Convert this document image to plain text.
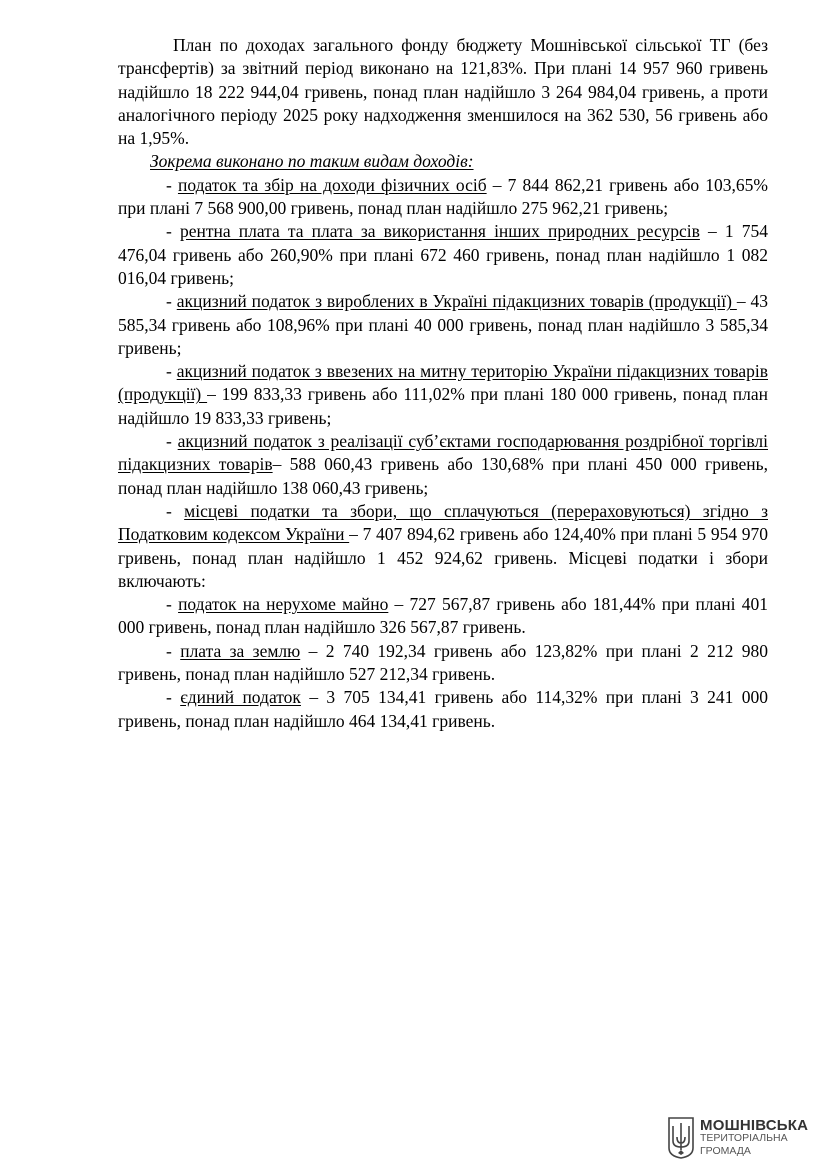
План по доходах загального фонду бюджету Мошнівської сільської ТГ (без трансфертів) за звітний період виконано на 121,83%. При плані 14 957 960 гривень надійшло 18 222 944,04 гривень, понад план надійшло 3 264 984,04 гривень, а проти аналогічного періоду 2025 року надходження зменшилося на 362 530, 56 гривень або на 1,95%.

Зокрема виконано по таким видам доходів:

- податок та збір на доходи фізичних осіб – 7 844 862,21 гривень або 103,65% при плані 7 568 900,00 гривень, понад план надійшло 275 962,21 гривень;

- рентна плата та плата за використання інших природних ресурсів – 1 754 476,04 гривень або 260,90% при плані 672 460 гривень, понад план надійшло 1 082 016,04 гривень;

- акцизний податок з вироблених в Україні підакцизних товарів (продукції) – 43 585,34 гривень або 108,96% при плані 40 000 гривень, понад план надійшло 3 585,34 гривень;

- акцизний податок з ввезених на митну територію України підакцизних товарів (продукції) – 199 833,33 гривень або 111,02% при плані 180 000 гривень, понад план надійшло 19 833,33 гривень;

- акцизний податок з реалізації суб’єктами господарювання роздрібної торгівлі підакцизних товарів– 588 060,43 гривень або 130,68% при плані 450 000 гривень, понад план надійшло 138 060,43 гривень;

- місцеві податки та збори, що сплачуються (перераховуються) згідно з Податковим кодексом України – 7 407 894,62 гривень або 124,40% при плані 5 954 970 гривень, понад план надійшло 1 452 924,62 гривень. Місцеві податки і збори включають:

- податок на нерухоме майно – 727 567,87 гривень або 181,44% при плані 401 000 гривень, понад план надійшло 326 567,87 гривень.

- плата за землю – 2 740 192,34 гривень або 123,82% при плані 2 212 980 гривень, понад план надійшло 527 212,34 гривень.

- єдиний податок – 3 705 134,41 гривень або 114,32% при плані 3 241 000 гривень, понад план надійшло 464 134,41 гривень.

МОШНІВСЬКА
ТЕРИТОРІАЛЬНА
ГРОМАДА
